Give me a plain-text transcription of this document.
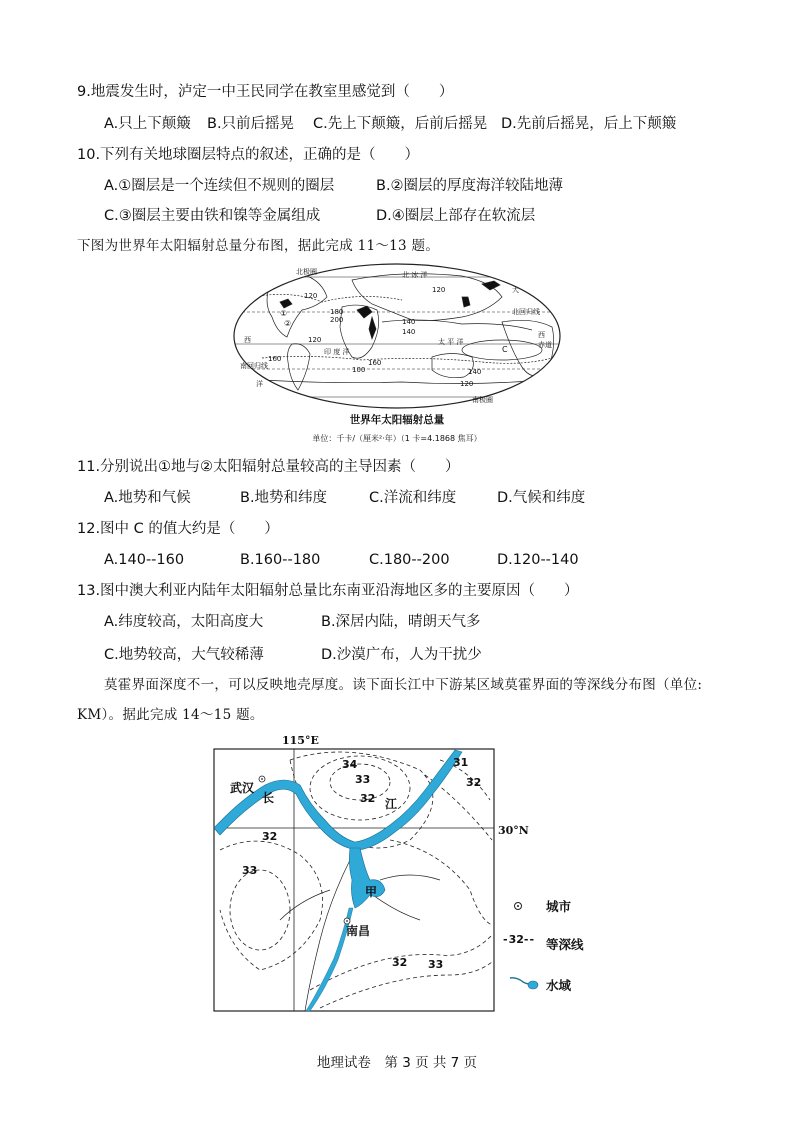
9.地震发生时，泸定一中王民同学在教室里感觉到（　　）
A.只上下颠簸 B.只前后摇晃 C.先上下颠簸，后前后摇晃 D.先前后摇晃，后上下颠簸
10.下列有关地球圈层特点的叙述，正确的是（　　）
A.①圈层是一个连续但不规则的圈层	B.②圈层的厚度海洋较陆地薄
C.③圈层主要由铁和镍等金属组成	D.④圈层上部存在软流层
下图为世界年太阳辐射总量分布图，据此完成 11～13 题。
北极圈	北 冰 洋
大
北回归线
西
西
赤道
印 度 洋
太 平 洋
南回归线
洋
南极圈
C
①
②
120
120
140
140
160	160
140
120
200
180
120
100
世界年太阳辐射总量
单位：千卡/（厘米²·年）（1 卡=4.1868 焦耳）
11.分别说出①地与②太阳辐射总量较高的主导因素（　　）
A.地势和气候	B.地势和纬度	C.洋流和纬度	D.气候和纬度
12.图中 C 的值大约是（　　）
A.140--160	B.160--180	C.180--200	D.120--140
13.图中澳大利亚内陆年太阳辐射总量比东南亚沿海地区多的主要原因（　　）
A.纬度较高，太阳高度大	B.深居内陆，晴朗天气多
C.地势较高，大气较稀薄	D.沙漠广布，人为干扰少
莫霍界面深度不一，可以反映地壳厚度。读下面长江中下游某区域莫霍界面的等深线分布图（单位:
KM）。据此完成 14～15 题。
115°E
30°N
武汉
长	江
甲
南昌
34
33
32
31
32
32
33
32 33
城市
-32-- 等深线
水域
地理试卷　第 3 页 共 7 页
